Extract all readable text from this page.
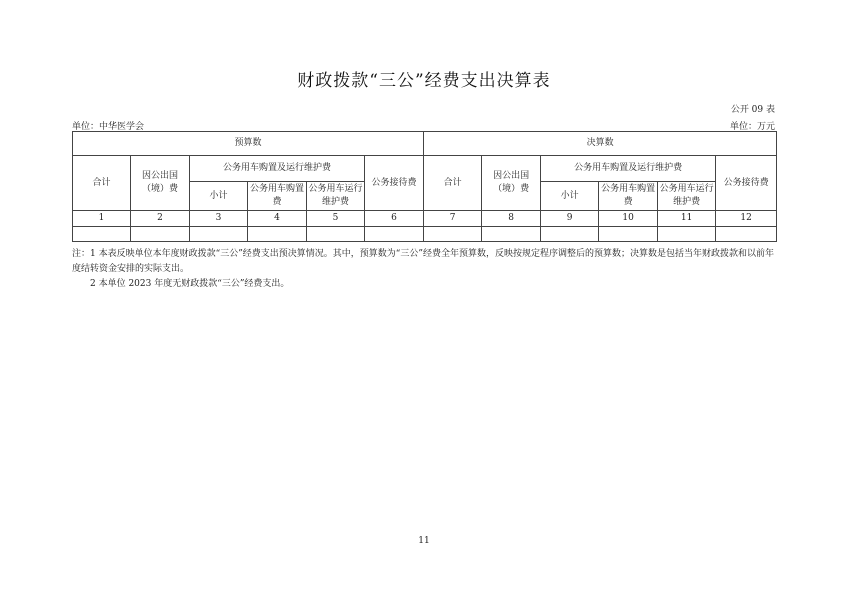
财政拨款“三公”经费支出决算表
公开 09 表
单位：中华医学会	单位：万元
预算数						决算数					
合计	因公出国（境）费	公务用车购置及运行维护费			公务接待费	合计	因公出国（境）费	公务用车购置及运行维护费			公务接待费
		小计	公务用车购置费	公务用车运行维护费				小计	公务用车购置费	公务用车运行维护费	
1	2	3	4	5	6	7	8	9	10	11	12

注：1 本表反映单位本年度财政拨款“三公”经费支出预决算情况。其中，预算数为“三公”经费全年预算数，反映按规定程序调整后的预算数；决算数是包括当年财政拨款和以前年度结转资金安排的实际支出。

2 本单位 2023 年度无财政拨款“三公”经费支出。

11
